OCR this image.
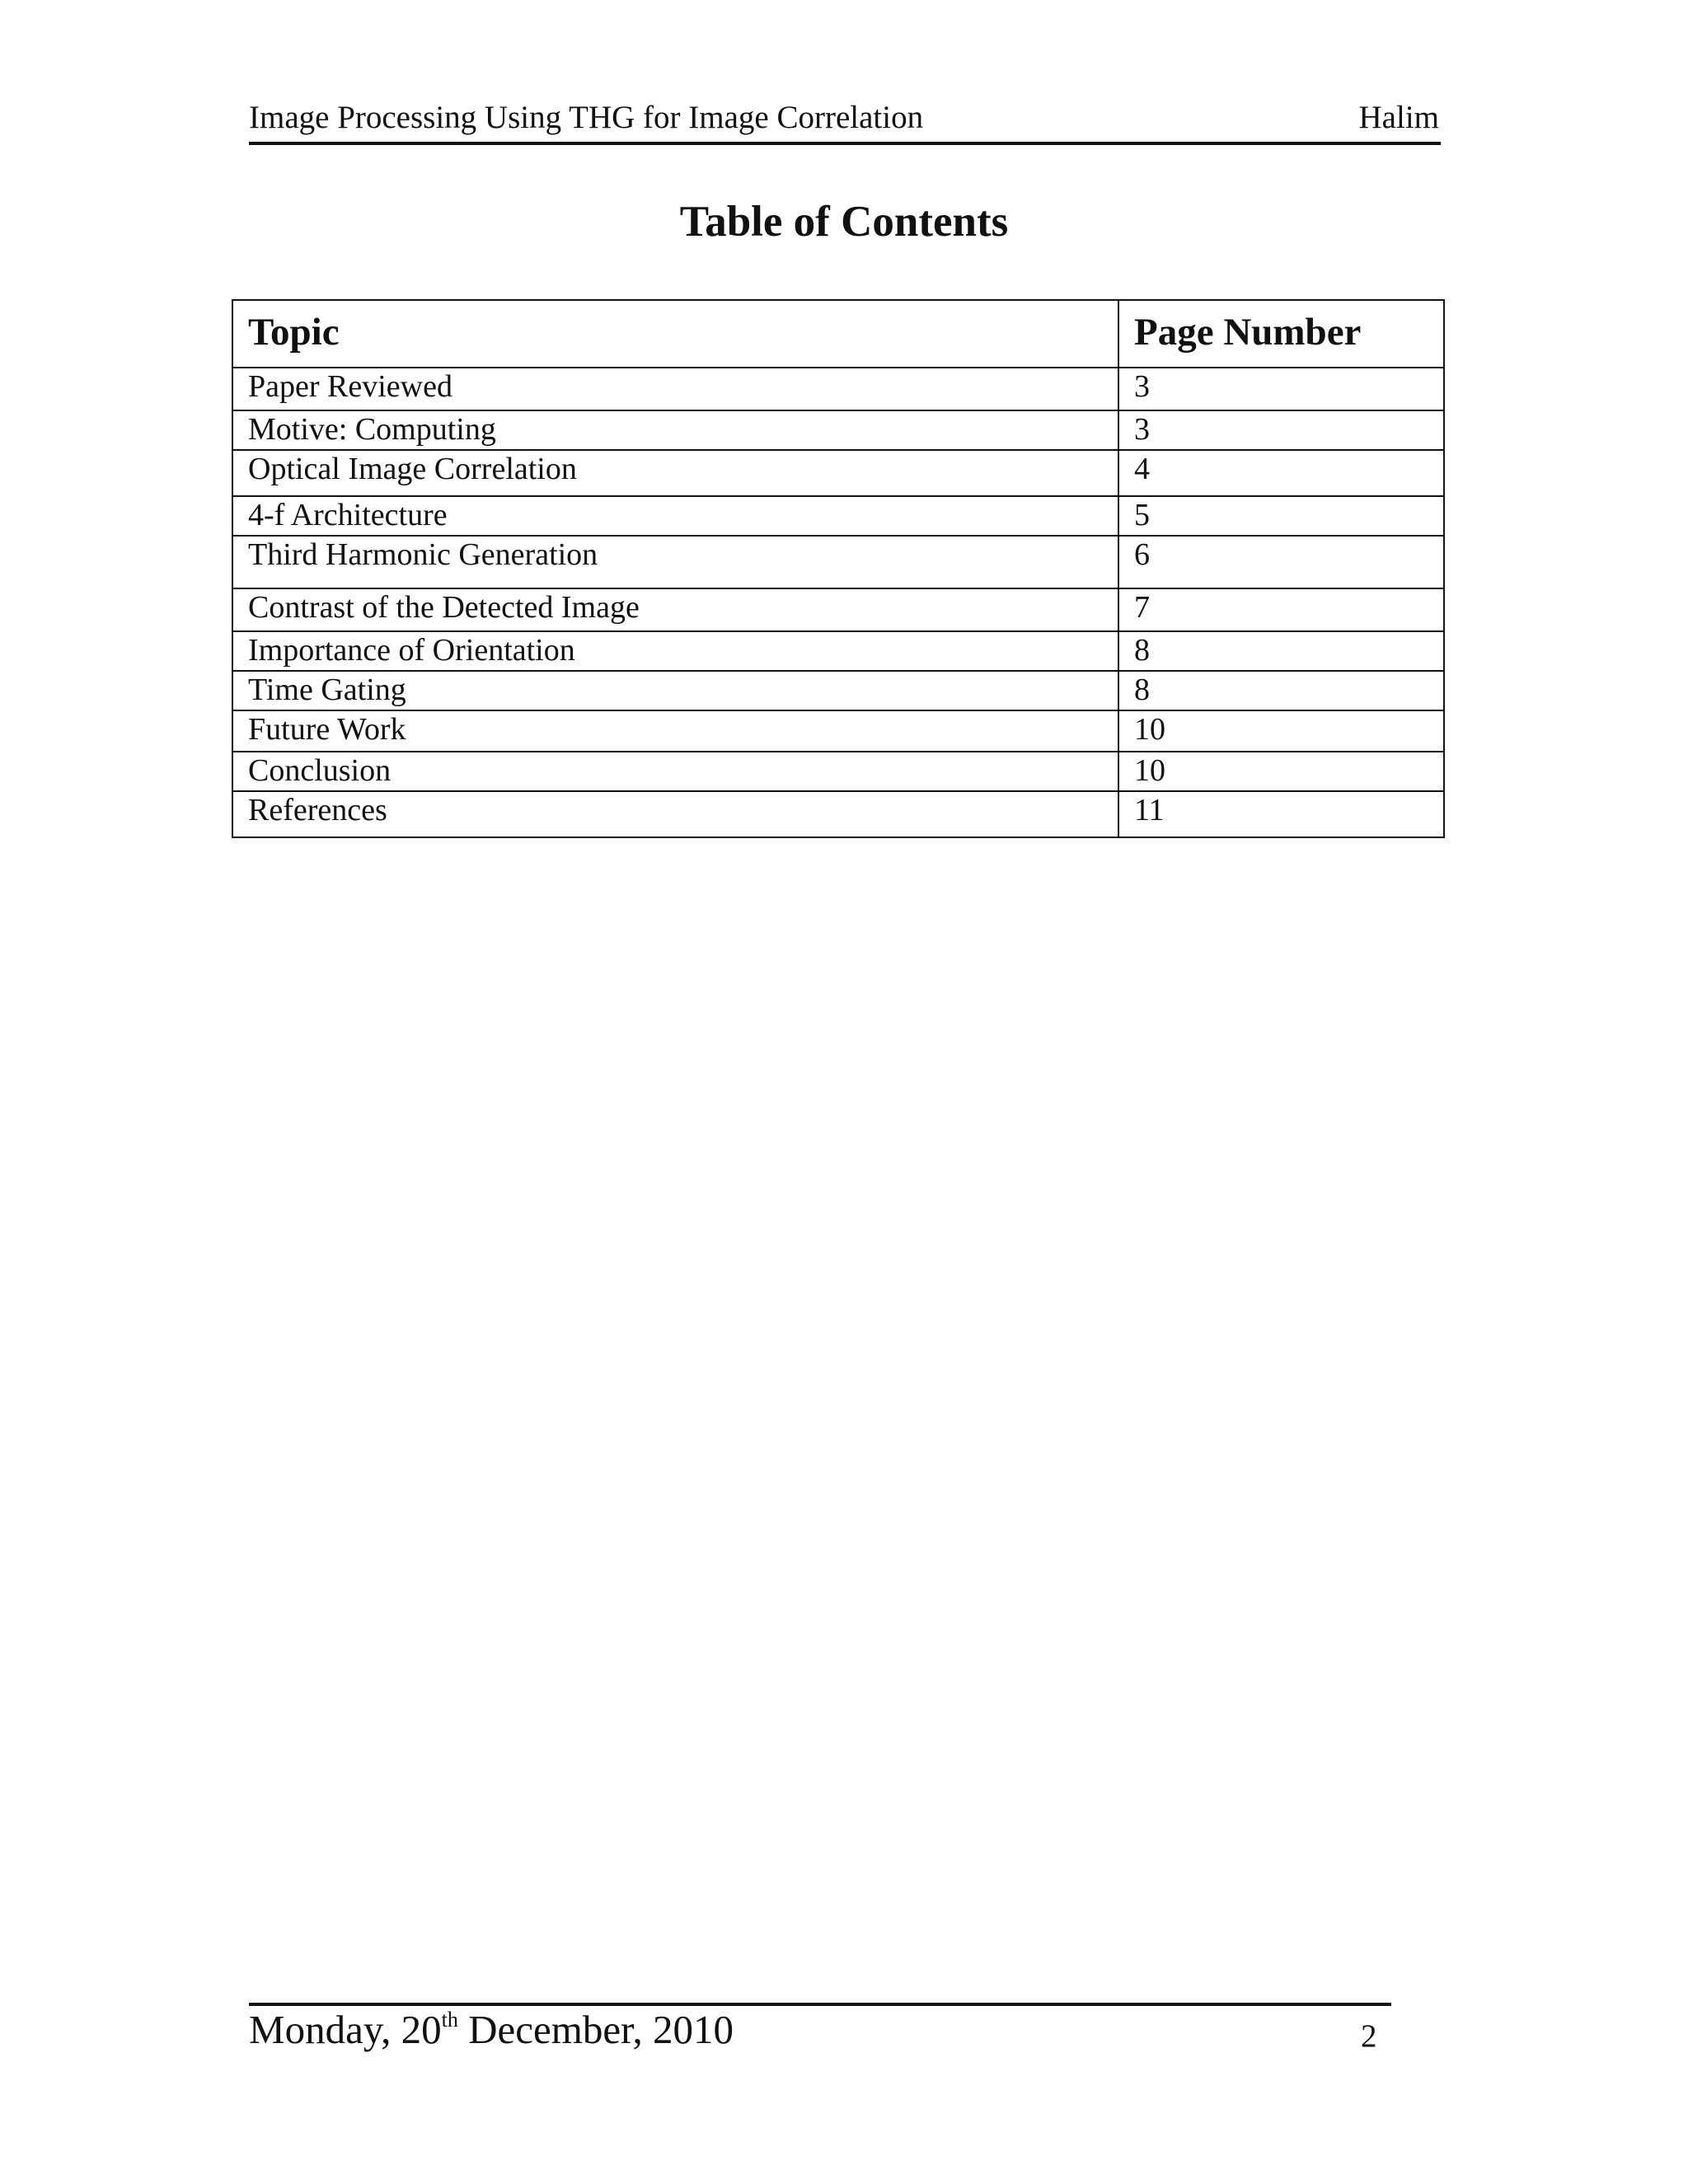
Image Processing Using THG for Image Correlation	Halim
Table of Contents
Topic	Page Number
Paper Reviewed	3
Motive: Computing	3
Optical Image Correlation	4
4-f Architecture	5
Third Harmonic Generation	6
Contrast of the Detected Image	7
Importance of Orientation	8
Time Gating	8
Future Work	10
Conclusion	10
References	11
Monday, 20th December, 2010	2
